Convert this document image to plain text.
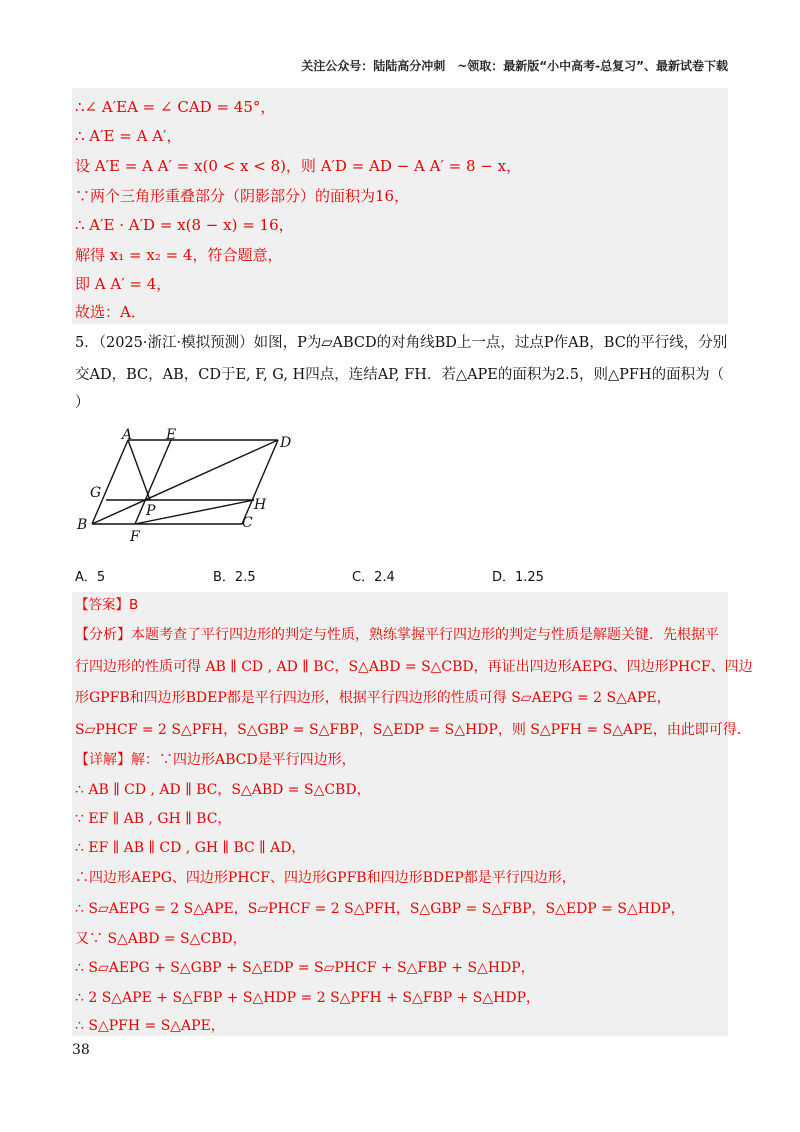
关注公众号：陆陆高分冲刺　~领取：最新版“小中高考-总复习”、最新试卷下载
∴∠ A′EA = ∠ CAD = 45°，
∴ A′E = A A′，
设 A′E = A A′ = x(0 < x < 8)，则 A′D = AD − A A′ = 8 − x，
∵两个三角形重叠部分（阴影部分）的面积为16，
∴ A′E · A′D = x(8 − x) = 16，
解得 x₁ = x₂ = 4，符合题意，
即 A A′ = 4，
故选：A．
5．（2025·浙江·模拟预测）如图，P为▱ABCD的对角线BD上一点，过点P作AB，BC的平行线，分别
交AD，BC，AB，CD于E, F, G, H四点，连结AP, FH．若△APE的面积为2.5，则△PFH的面积为（
）
A E	D
G
P	H
B
F
C
A．5	B．2.5	C．2.4	D．1.25
【答案】B
【分析】本题考查了平行四边形的判定与性质，熟练掌握平行四边形的判定与性质是解题关键．先根据平
行四边形的性质可得 AB ∥ CD , AD ∥ BC，S△ABD = S△CBD，再证出四边形AEPG、四边形PHCF、四边
形GPFB和四边形BDEP都是平行四边形，根据平行四边形的性质可得 S▱AEPG = 2 S△APE，
S▱PHCF = 2 S△PFH，S△GBP = S△FBP，S△EDP = S△HDP，则 S△PFH = S△APE，由此即可得．
【详解】解：∵四边形ABCD是平行四边形，
∴ AB ∥ CD , AD ∥ BC，S△ABD = S△CBD，
∵ EF ∥ AB , GH ∥ BC，
∴ EF ∥ AB ∥ CD , GH ∥ BC ∥ AD，
∴四边形AEPG、四边形PHCF、四边形GPFB和四边形BDEP都是平行四边形，
∴ S▱AEPG = 2 S△APE，S▱PHCF = 2 S△PFH，S△GBP = S△FBP，S△EDP = S△HDP，
又∵ S△ABD = S△CBD，
∴ S▱AEPG + S△GBP + S△EDP = S▱PHCF + S△FBP + S△HDP，
∴ 2 S△APE + S△FBP + S△HDP = 2 S△PFH + S△FBP + S△HDP，
∴ S△PFH = S△APE，
38
